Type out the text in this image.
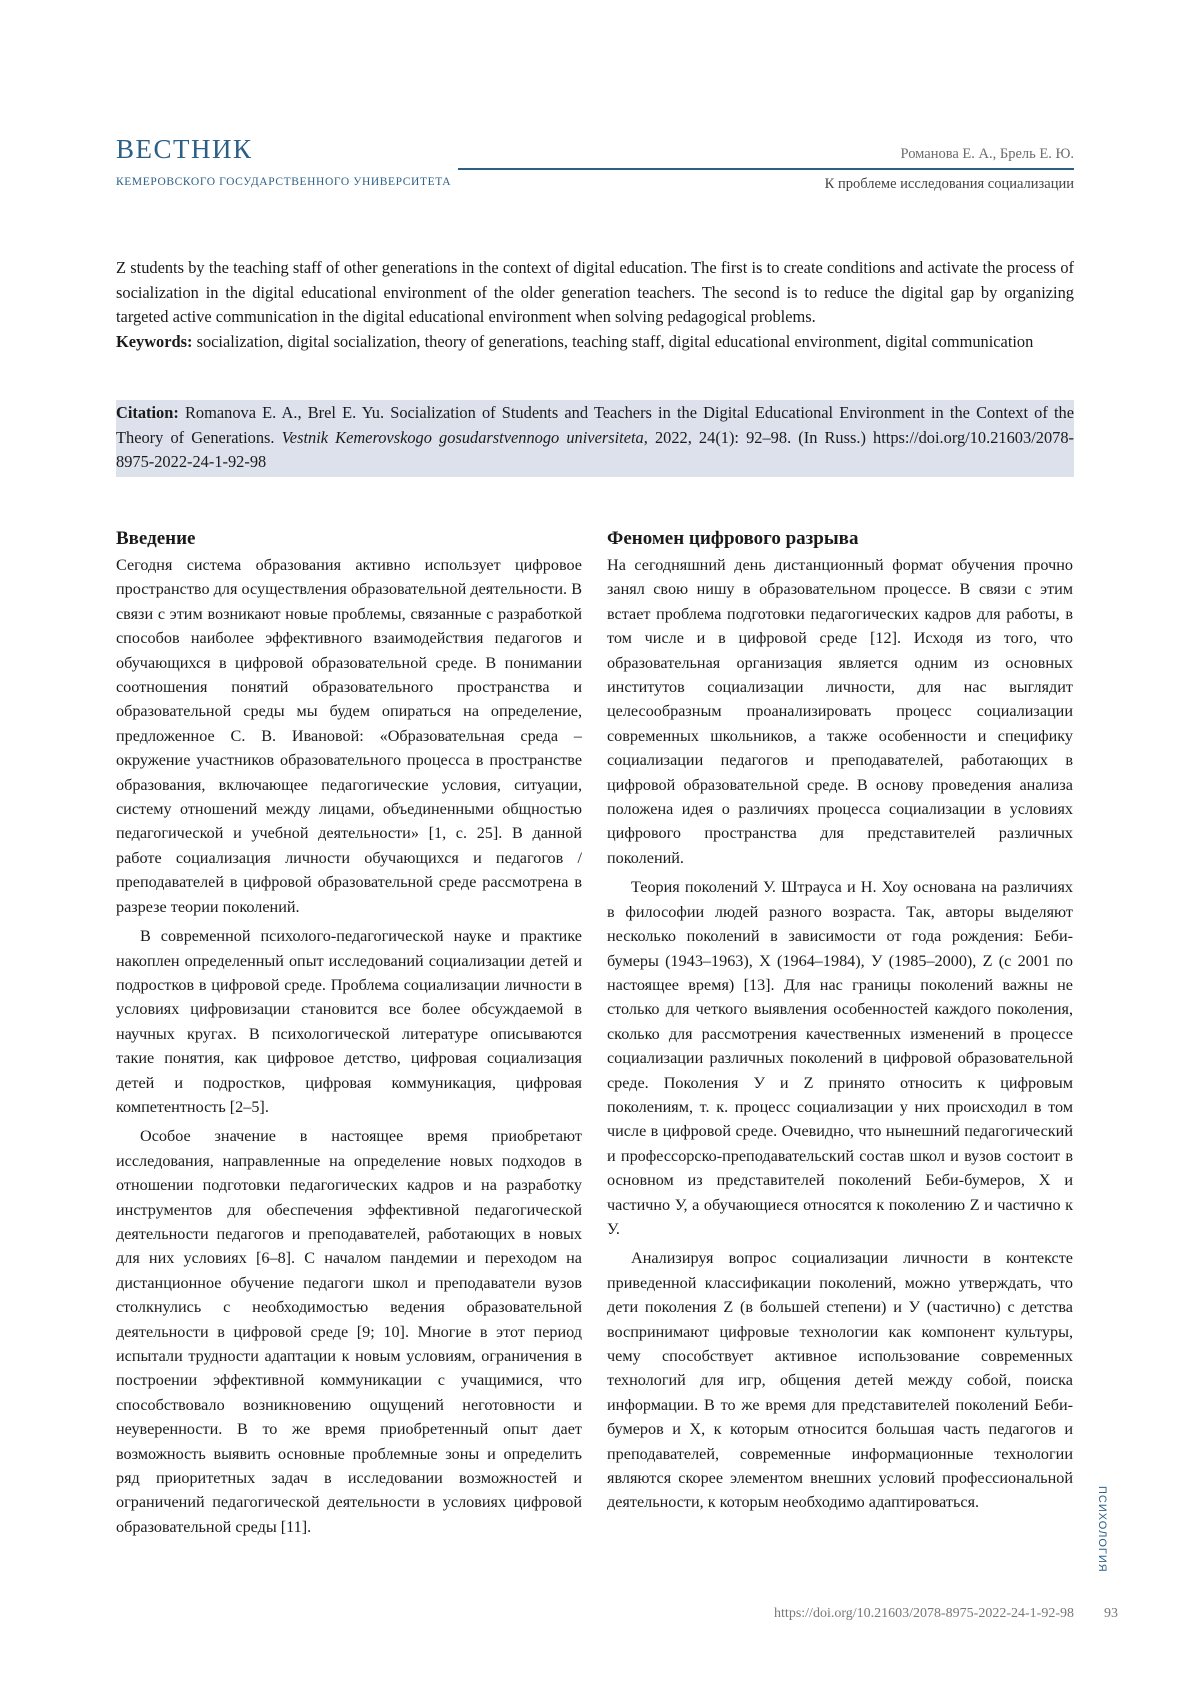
ВЕСТНИК
КЕМЕРОВСКОГО ГОСУДАРСТВЕННОГО УНИВЕРСИТЕТА
Романова Е. А., Брель Е. Ю.
К проблеме исследования социализации
Z students by the teaching staff of other generations in the context of digital education. The first is to create conditions and activate the process of socialization in the digital educational environment of the older generation teachers. The second is to reduce the digital gap by organizing targeted active communication in the digital educational environment when solving pedagogical problems.
Keywords: socialization, digital socialization, theory of generations, teaching staff, digital educational environment, digital communication
Citation: Romanova E. A., Brel E. Yu. Socialization of Students and Teachers in the Digital Educational Environment in the Context of the Theory of Generations. Vestnik Kemerovskogo gosudarstvennogo universiteta, 2022, 24(1): 92–98. (In Russ.) https://doi.org/10.21603/2078-8975-2022-24-1-92-98
Введение

Сегодня система образования активно использует цифровое пространство для осуществления образовательной деятельности. В связи с этим возникают новые проблемы, связанные с разработкой способов наиболее эффективного взаимодействия педагогов и обучающихся в цифровой образовательной среде. В понимании соотношения понятий образовательного пространства и образовательной среды мы будем опираться на определение, предложенное С. В. Ивановой: «Образовательная среда – окружение участников образовательного процесса в пространстве образования, включающее педагогические условия, ситуации, систему отношений между лицами, объединенными общностью педагогической и учебной деятельности» [1, с. 25]. В данной работе социализация личности обучающихся и педагогов / преподавателей в цифровой образовательной среде рассмотрена в разрезе теории поколений.

В современной психолого-педагогической науке и практике накоплен определенный опыт исследований социализации детей и подростков в цифровой среде. Проблема социализации личности в условиях цифровизации становится все более обсуждаемой в научных кругах. В психологической литературе описываются такие понятия, как цифровое детство, цифровая социализация детей и подростков, цифровая коммуникация, цифровая компетентность [2–5].

Особое значение в настоящее время приобретают исследования, направленные на определение новых подходов в отношении подготовки педагогических кадров и на разработку инструментов для обеспечения эффективной педагогической деятельности педагогов и преподавателей, работающих в новых для них условиях [6–8]. С началом пандемии и переходом на дистанционное обучение педагоги школ и преподаватели вузов столкнулись с необходимостью ведения образовательной деятельности в цифровой среде [9; 10]. Многие в этот период испытали трудности адаптации к новым условиям, ограничения в построении эффективной коммуникации с учащимися, что способствовало возникновению ощущений неготовности и неуверенности. В то же время приобретенный опыт дает возможность выявить основные проблемные зоны и определить ряд приоритетных задач в исследовании возможностей и ограничений педагогической деятельности в условиях цифровой образовательной среды [11].

Феномен цифрового разрыва

На сегодняшний день дистанционный формат обучения прочно занял свою нишу в образовательном процессе. В связи с этим встает проблема подготовки педагогических кадров для работы, в том числе и в цифровой среде [12]. Исходя из того, что образовательная организация является одним из основных институтов социализации личности, для нас выглядит целесообразным проанализировать процесс социализации современных школьников, а также особенности и специфику социализации педагогов и преподавателей, работающих в цифровой образовательной среде. В основу проведения анализа положена идея о различиях процесса социализации в условиях цифрового пространства для представителей различных поколений.

Теория поколений У. Штрауса и Н. Хоу основана на различиях в философии людей разного возраста. Так, авторы выделяют несколько поколений в зависимости от года рождения: Беби-бумеры (1943–1963), X (1964–1984), У (1985–2000), Z (с 2001 по настоящее время) [13]. Для нас границы поколений важны не столько для четкого выявления особенностей каждого поколения, сколько для рассмотрения качественных изменений в процессе социализации различных поколений в цифровой образовательной среде. Поколения У и Z принято относить к цифровым поколениям, т. к. процесс социализации у них происходил в том числе в цифровой среде. Очевидно, что нынешний педагогический и профессорско-преподавательский состав школ и вузов состоит в основном из представителей поколений Беби-бумеров, X и частично У, а обучающиеся относятся к поколению Z и частично к У.

Анализируя вопрос социализации личности в контексте приведенной классификации поколений, можно утверждать, что дети поколения Z (в большей степени) и У (частично) с детства воспринимают цифровые технологии как компонент культуры, чему способствует активное использование современных технологий для игр, общения детей между собой, поиска информации. В то же время для представителей поколений Беби-бумеров и X, к которым относится большая часть педагогов и преподавателей, современные информационные технологии являются скорее элементом внешних условий профессиональной деятельности, к которым необходимо адаптироваться.	ПСИХОЛОГИЯ
https://doi.org/10.21603/2078-8975-2022-24-1-92-98 93
